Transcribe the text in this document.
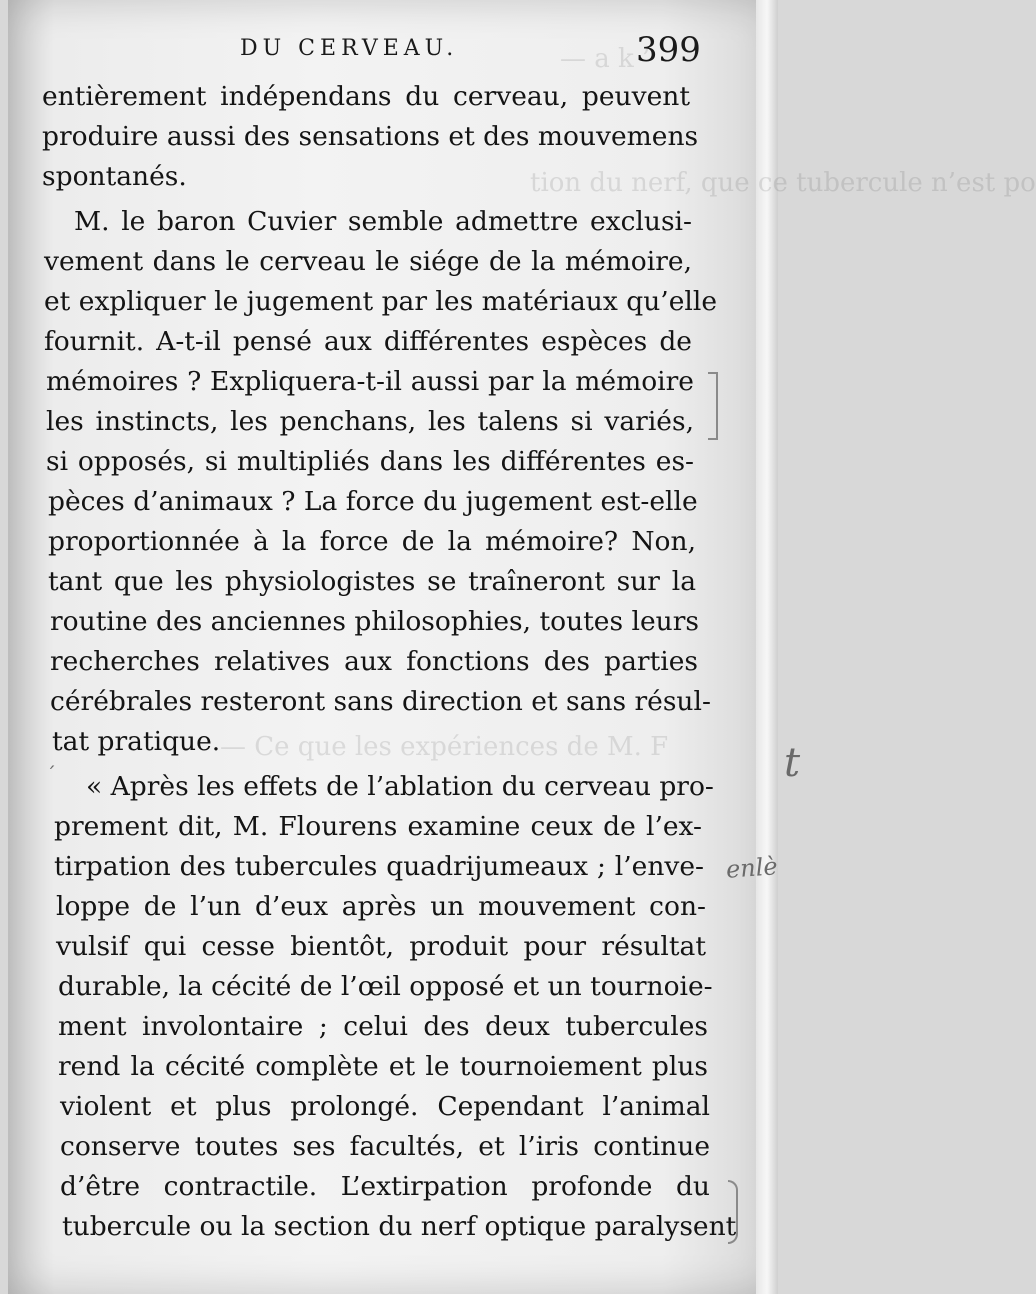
— a k ’
tion du nerf, que ce tubercule n’est po
— Ce que les expériences de M. F
DU CERVEAU.	399
entièrement indépendans du cerveau, peuvent
produire aussi des sensations et des mouvemens
spontanés.
M. le baron Cuvier semble admettre exclusi-
vement dans le cerveau le siége de la mémoire,
et expliquer le jugement par les matériaux qu’elle
fournit. A-t-il pensé aux différentes espèces de
mémoires ? Expliquera-t-il aussi par la mémoire
les instincts, les penchans, les talens si variés,
si opposés, si multipliés dans les différentes es-
pèces d’animaux ? La force du jugement est-elle
proportionnée à la force de la mémoire? Non,
tant que les physiologistes se traîneront sur la
routine des anciennes philosophies, toutes leurs
recherches relatives aux fonctions des parties
cérébrales resteront sans direction et sans résul-
tat pratique.
« Après les effets de l’ablation du cerveau pro-
prement dit, M. Flourens examine ceux de l’ex-
tirpation des tubercules quadrijumeaux ; l’enve-
loppe de l’un d’eux après un mouvement con-
vulsif qui cesse bientôt, produit pour résultat
durable, la cécité de l’œil opposé et un tournoie-
ment involontaire ; celui des deux tubercules
rend la cécité complète et le tournoiement plus
violent et plus prolongé. Cependant l’animal
conserve toutes ses facultés, et l’iris continue
d’être contractile. L’extirpation profonde du
tubercule ou la section du nerf optique paralysent
enlè
t
´
